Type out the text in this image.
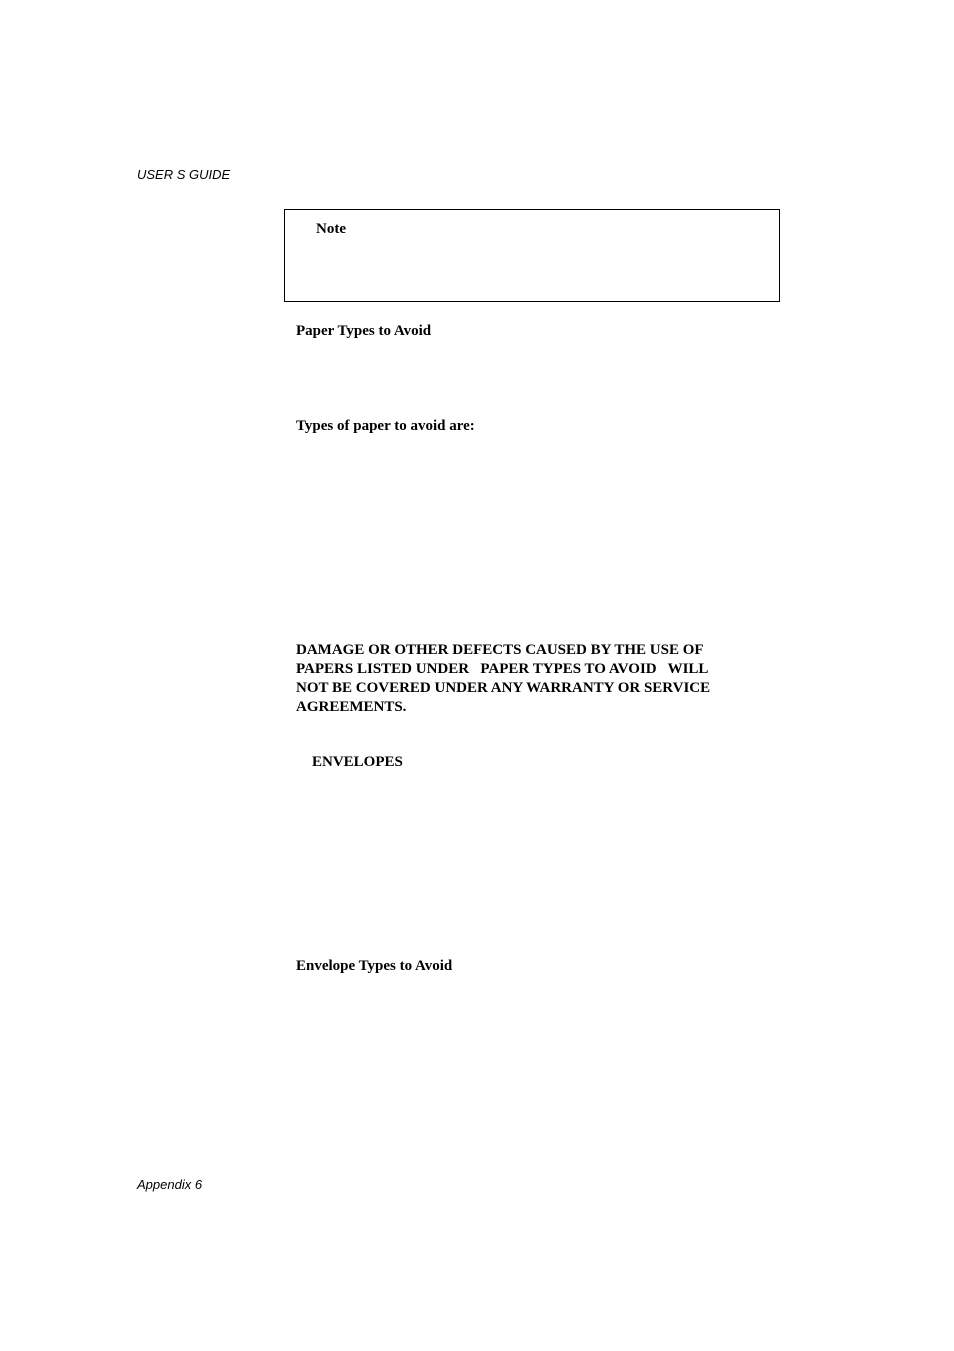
USER S GUIDE
Note
Paper Types to Avoid
Types of paper to avoid are:
DAMAGE OR OTHER DEFECTS CAUSED BY THE USE OF
PAPERS LISTED UNDER   PAPER TYPES TO AVOID   WILL
NOT BE COVERED UNDER ANY WARRANTY OR SERVICE
AGREEMENTS.
ENVELOPES
Envelope Types to Avoid
Appendix 6
